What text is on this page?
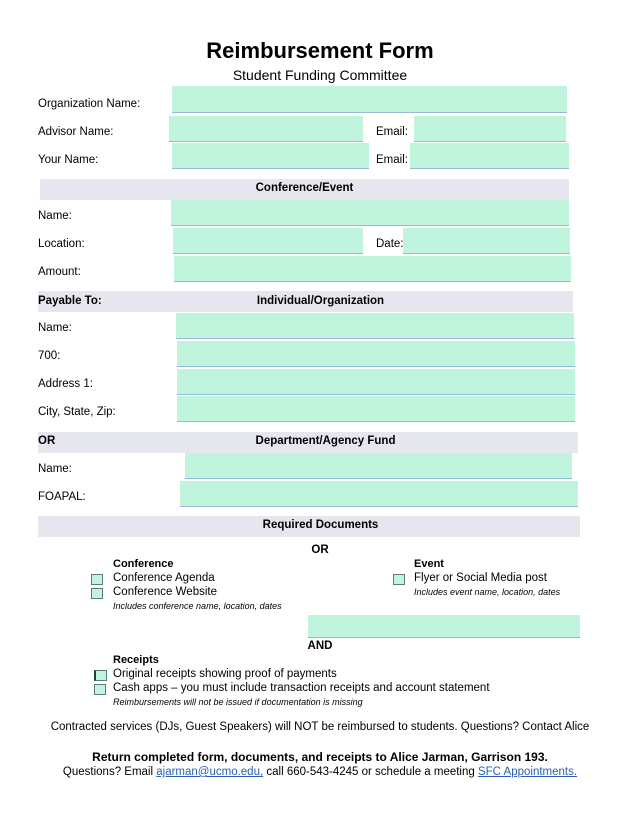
Reimbursement Form
Student Funding Committee
Organization Name:
Advisor Name:	Email:
Your Name:	Email:
Conference/Event
Name:
Location:	Date:
Amount:
Payable To:	Individual/Organization
Name:
700:
Address 1:
City, State, Zip:
OR	Department/Agency Fund
Name:
FOAPAL:
Required Documents
OR
Conference
Conference Agenda
Conference Website
Includes conference name, location, dates
Event
Flyer or Social Media post
Includes event name, location, dates
AND
Receipts
Original receipts showing proof of payments
Cash apps – you must include transaction receipts and account statement
Reimbursements will not be issued if documentation is missing
Contracted services (DJs, Guest Speakers) will NOT be reimbursed to students. Questions? Contact Alice
Return completed form, documents, and receipts to Alice Jarman, Garrison 193.
Questions? Email ajarman@ucmo.edu, call 660-543-4245 or schedule a meeting SFC Appointments.
